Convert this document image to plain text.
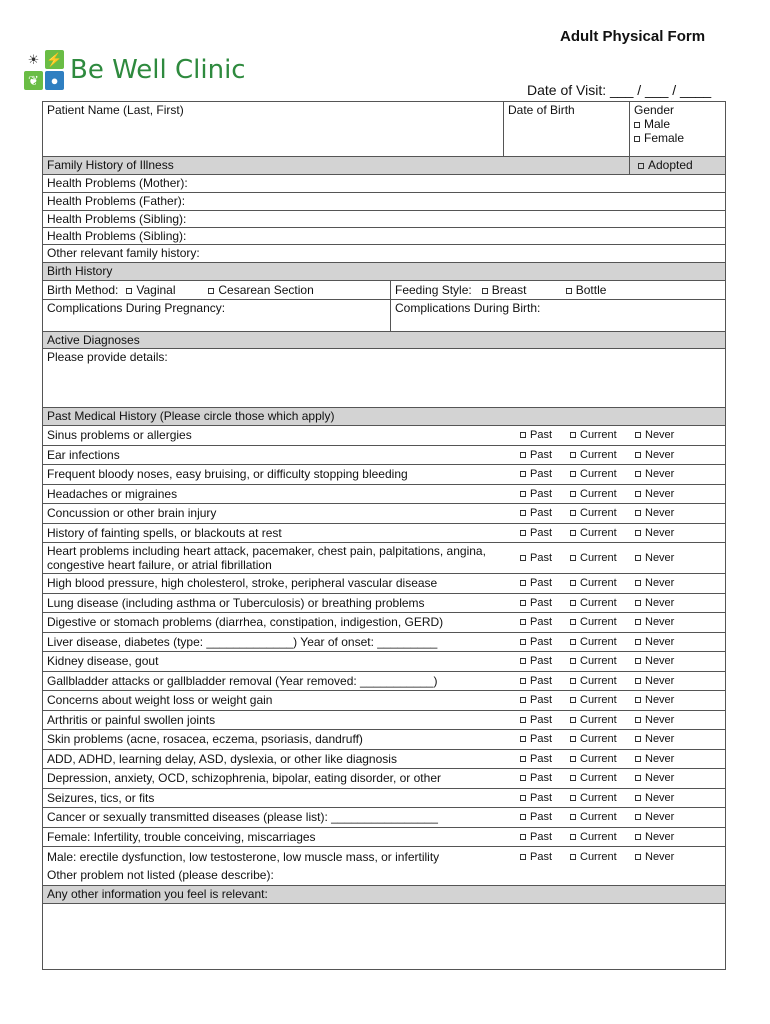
Adult Physical Form
☀ ⚡
❦ ● Be Well Clinic
Date of Visit: ___ / ___ / ____
Patient Name (Last, First)	Date of Birth	Gender
Male
Female
Family History of Illness	Adopted
Health Problems (Mother):
Health Problems (Father):
Health Problems (Sibling):
Health Problems (Sibling):
Other relevant family history:
Birth History
Birth Method:	Vaginal	Cesarean Section	Feeding Style:	Breast	Bottle
Complications During Pregnancy:	Complications During Birth:
Active Diagnoses
Please provide details:
Past Medical History (Please circle those which apply)
Sinus problems or allergies	Past	Current	Never
Ear infections	Past	Current	Never
Frequent bloody noses, easy bruising, or difficulty stopping bleeding	Past	Current	Never
Headaches or migraines	Past	Current	Never
Concussion or other brain injury	Past	Current	Never
History of fainting spells, or blackouts at rest	Past	Current	Never
Heart problems including heart attack, pacemaker, chest pain, palpitations, angina, congestive heart failure, or atrial fibrillation	Past	Current	Never
High blood pressure, high cholesterol, stroke, peripheral vascular disease	Past	Current	Never
Lung disease (including asthma or Tuberculosis) or breathing problems	Past	Current	Never
Digestive or stomach problems (diarrhea, constipation, indigestion, GERD)	Past	Current	Never
Liver disease, diabetes (type: _____________) Year of onset: _________	Past	Current	Never
Kidney disease, gout	Past	Current	Never
Gallbladder attacks or gallbladder removal (Year removed: ___________)	Past	Current	Never
Concerns about weight loss or weight gain	Past	Current	Never
Arthritis or painful swollen joints	Past	Current	Never
Skin problems (acne, rosacea, eczema, psoriasis, dandruff)	Past	Current	Never
ADD, ADHD, learning delay, ASD, dyslexia, or other like diagnosis	Past	Current	Never
Depression, anxiety, OCD, schizophrenia, bipolar, eating disorder, or other	Past	Current	Never
Seizures, tics, or fits	Past	Current	Never
Cancer or sexually transmitted diseases (please list): ________________	Past	Current	Never
Female: Infertility, trouble conceiving, miscarriages	Past	Current	Never
Male: erectile dysfunction, low testosterone, low muscle mass, or infertility	Past	Current	Never
Other problem not listed (please describe):
Any other information you feel is relevant:
